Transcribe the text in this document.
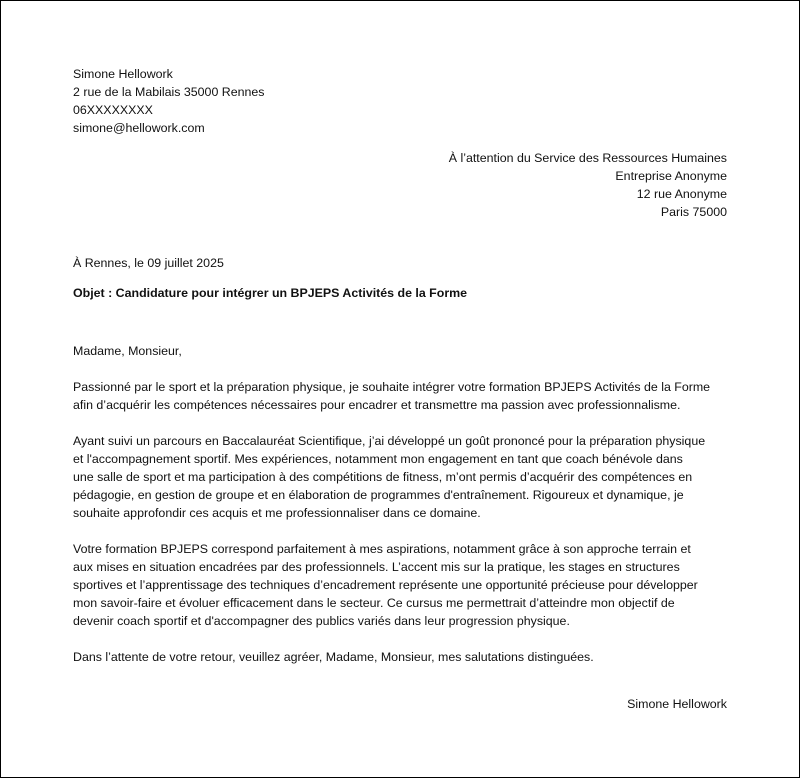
Simone Hellowork
2 rue de la Mabilais 35000 Rennes
06XXXXXXXX
simone@hellowork.com
À l’attention du Service des Ressources Humaines
Entreprise Anonyme
12 rue Anonyme
Paris 75000
À Rennes, le 09 juillet 2025
Objet : Candidature pour intégrer un BPJEPS Activités de la Forme

Madame, Monsieur,

Passionné par le sport et la préparation physique, je souhaite intégrer votre formation BPJEPS Activités de la Forme
afin d’acquérir les compétences nécessaires pour encadrer et transmettre ma passion avec professionnalisme.

Ayant suivi un parcours en Baccalauréat Scientifique, j’ai développé un goût prononcé pour la préparation physique
et l'accompagnement sportif. Mes expériences, notamment mon engagement en tant que coach bénévole dans
une salle de sport et ma participation à des compétitions de fitness, m’ont permis d’acquérir des compétences en
pédagogie, en gestion de groupe et en élaboration de programmes d'entraînement. Rigoureux et dynamique, je
souhaite approfondir ces acquis et me professionnaliser dans ce domaine.

Votre formation BPJEPS correspond parfaitement à mes aspirations, notamment grâce à son approche terrain et
aux mises en situation encadrées par des professionnels. L’accent mis sur la pratique, les stages en structures
sportives et l’apprentissage des techniques d’encadrement représente une opportunité précieuse pour développer
mon savoir-faire et évoluer efficacement dans le secteur. Ce cursus me permettrait d’atteindre mon objectif de
devenir coach sportif et d'accompagner des publics variés dans leur progression physique.

Dans l’attente de votre retour, veuillez agréer, Madame, Monsieur, mes salutations distinguées.

Simone Hellowork
